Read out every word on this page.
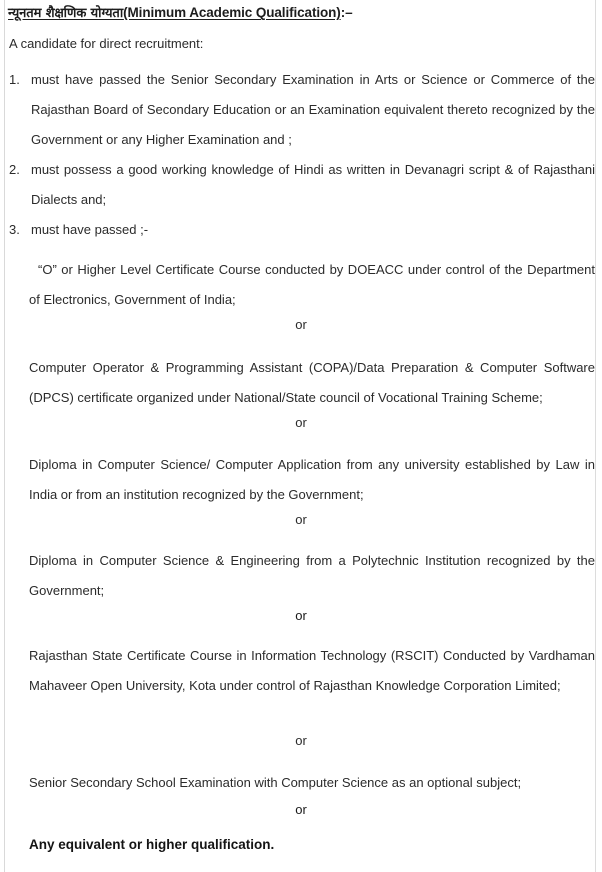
न्यूनतम शैक्षणिक योग्यता(Minimum Academic Qualification):–
A candidate for direct recruitment:
1. must have passed the Senior Secondary Examination in Arts or Science or Commerce of the Rajasthan Board of Secondary Education or an Examination equivalent thereto recognized by the Government or any Higher Examination and ;
2. must possess a good working knowledge of Hindi as written in Devanagri script & of Rajasthani Dialects and;
3. must have passed ;-
“O” or Higher Level Certificate Course conducted by DOEACC under control of the Department of Electronics, Government of India;
or
Computer Operator & Programming Assistant (COPA)/Data Preparation & Computer Software (DPCS) certificate organized under National/State council of Vocational Training Scheme;
or
Diploma in Computer Science/ Computer Application from any university established by Law in India or from an institution recognized by the Government;
or
Diploma in Computer Science & Engineering from a Polytechnic Institution recognized by the Government;
or
Rajasthan State Certificate Course in Information Technology (RSCIT) Conducted by Vardhaman Mahaveer Open University, Kota under control of Rajasthan Knowledge Corporation Limited;
or
Senior Secondary School Examination with Computer Science as an optional subject;
or
Any equivalent or higher qualification.
